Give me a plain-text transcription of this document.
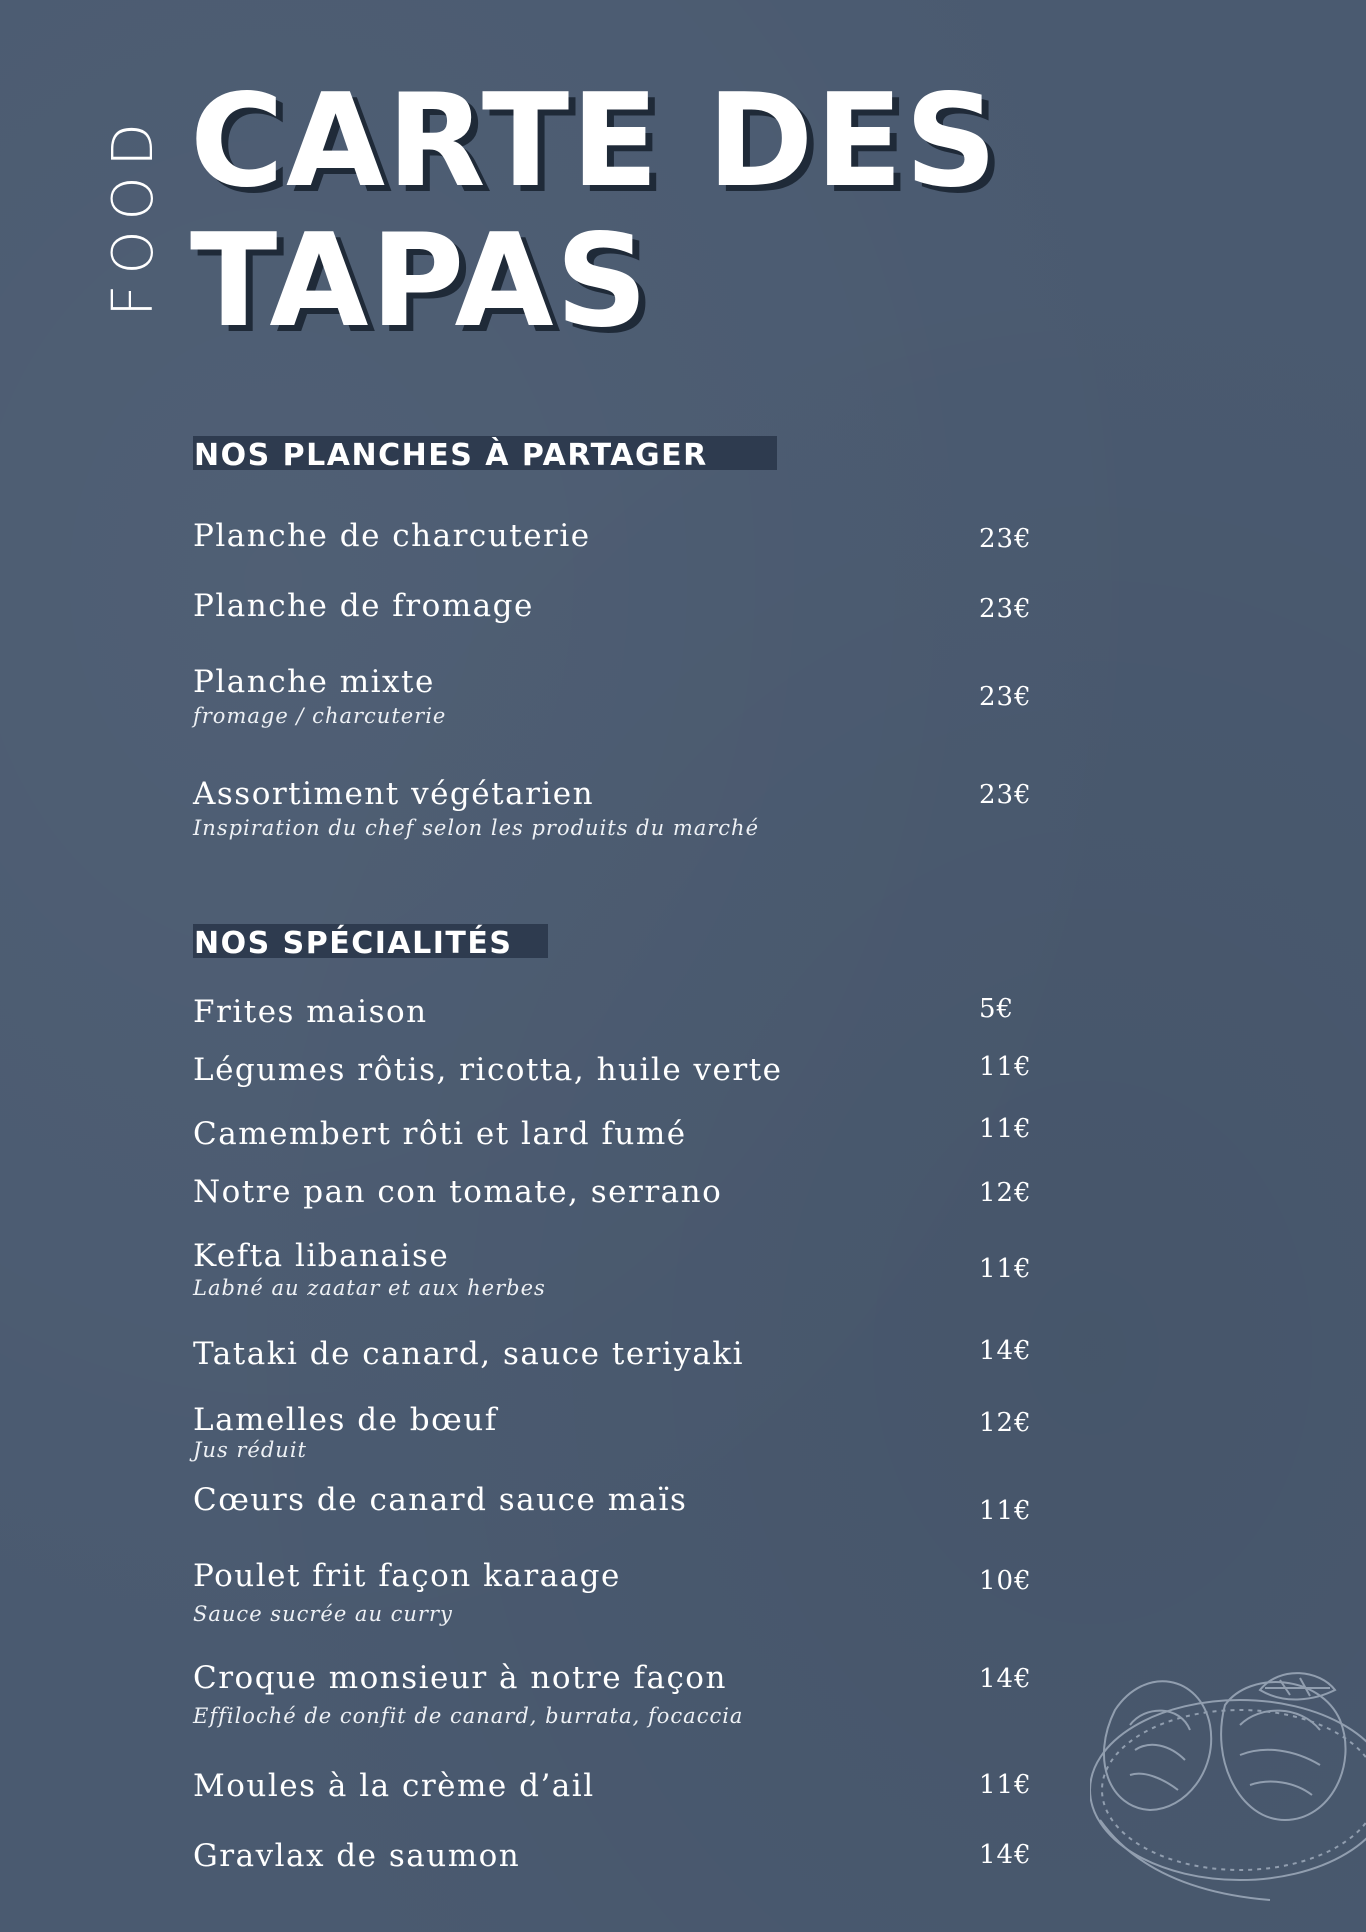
FOOD CARTE DES
TAPAS
NOS PLANCHES À PARTAGER
Planche de charcuterie	23€
Planche de fromage	23€
Planche mixte
fromage / charcuterie
23€
Assortiment végétarien
Inspiration du chef selon les produits du marché
23€
NOS SPÉCIALITÉS
Frites maison	5€
Légumes rôtis, ricotta, huile verte	11€
Camembert rôti et lard fumé	11€
Notre pan con tomate, serrano	12€
Kefta libanaise
Labné au zaatar et aux herbes
11€
Tataki de canard, sauce teriyaki	14€
Lamelles de bœuf
Jus réduit
12€
Cœurs de canard sauce maïs	11€
Poulet frit façon karaage
Sauce sucrée au curry
10€
Croque monsieur à notre façon
Effiloché de confit de canard, burrata, focaccia
14€
Moules à la crème d’ail	11€
Gravlax de saumon	14€
